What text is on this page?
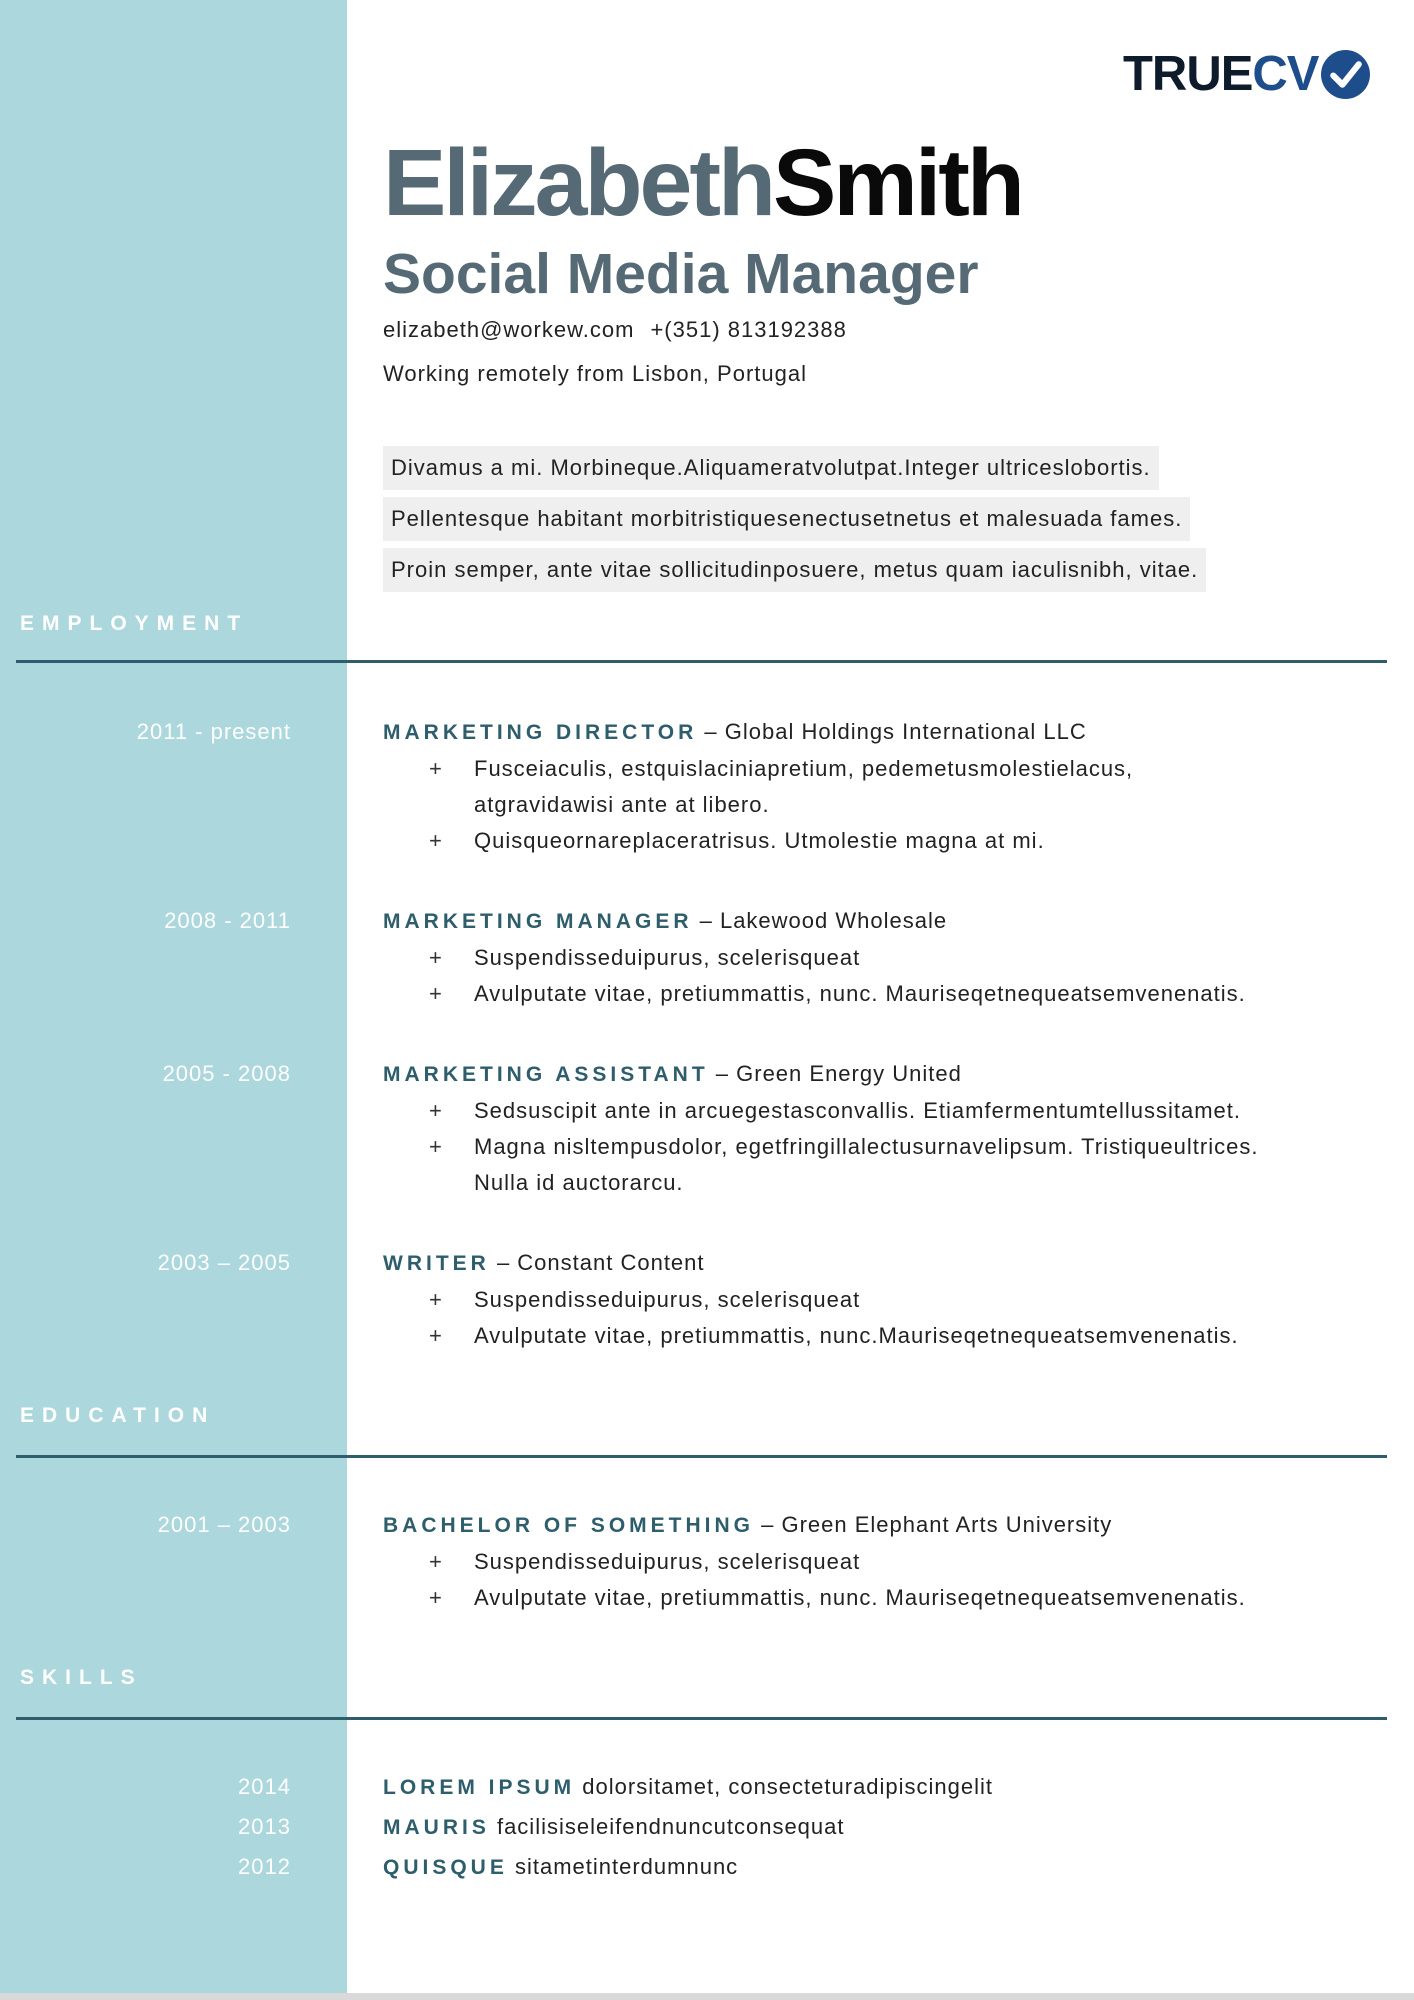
TRUE CV
ElizabethSmith
Social Media Manager
elizabeth@workew.com +(351) 813192388
Working remotely from Lisbon, Portugal
Divamus a mi. Morbineque.Aliquameratvolutpat.Integer ultriceslobortis.
Pellentesque habitant morbitristiquesenectusetnetus et malesuada fames.
Proin semper, ante vitae sollicitudinposuere, metus quam iaculisnibh, vitae.
EMPLOYMENT
2011 - present	MARKETING DIRECTOR – Global Holdings International LLC
+ Fusceiaculis, estquislaciniapretium, pedemetusmolestielacus,
atgravidawisi ante at libero.
+ Quisqueornareplaceratrisus. Utmolestie magna at mi.
2008 - 2011	MARKETING MANAGER – Lakewood Wholesale
+ Suspendisseduipurus, scelerisqueat
+ Avulputate vitae, pretiummattis, nunc. Mauriseqetnequeatsemvenenatis.
2005 - 2008	MARKETING ASSISTANT – Green Energy United
+ Sedsuscipit ante in arcuegestasconvallis. Etiamfermentumtellussitamet.
+ Magna nisltempusdolor, egetfringillalectusurnavelipsum. Tristiqueultrices.
Nulla id auctorarcu.
2003 – 2005	WRITER – Constant Content
+ Suspendisseduipurus, scelerisqueat
+ Avulputate vitae, pretiummattis, nunc.Mauriseqetnequeatsemvenenatis.
EDUCATION
2001 – 2003	BACHELOR OF SOMETHING – Green Elephant Arts University
+ Suspendisseduipurus, scelerisqueat
+ Avulputate vitae, pretiummattis, nunc. Mauriseqetnequeatsemvenenatis.
SKILLS
2014	LOREM IPSUM dolorsitamet, consecteturadipiscingelit
2013	MAURIS facilisiseleifendnuncutconsequat
2012	QUISQUE sitametinterdumnunc
